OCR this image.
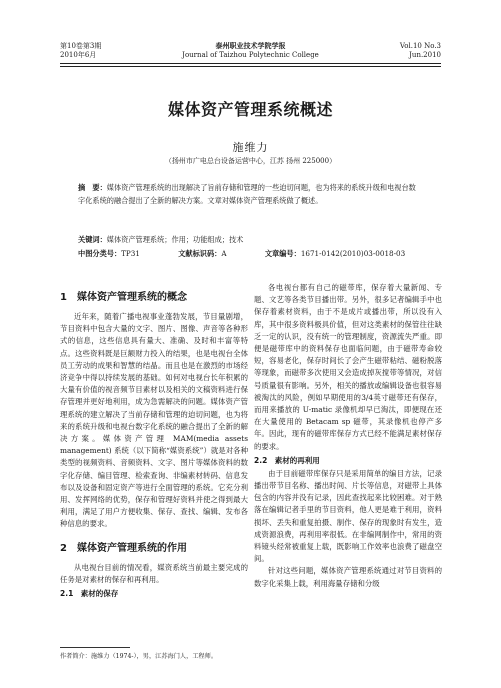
第10卷第3期
2010年6月
泰州职业技术学院学报
Journal of Taizhou Polytechnic College
Vol.10 No.3
Jun.2010
媒体资产管理系统概述
施维力
（扬州市广电总台设备运营中心，江苏 扬州 225000）
摘　要：媒体资产管理系统的出现解决了旨前存储和管理的一些迫切问题，也为将来的系统升级和电视台数字化系统的融合提出了全新的解决方案。文章对媒体资产管理系统做了概述。
关键词：媒体资产管理系统；作用；功能组成；技术
中图分类号：TP31	文献标识码：A	文章编号：1671-0142(2010)03-0018-03
1　媒体资产管理系统的概念

近年来，随着广播电视事业蓬勃发展，节目量剧增，节目资料中包含大量的文字、图片、图像、声音等各种形式的信息，这些信息具有量大、准确、及时和丰富等特点。这些资料既是巨额财力投入的结果，也是电视台全体员工劳动的成果和智慧的结晶。而且也是在激烈的市场经济竞争中得以持续发展的基础。如何对电视台长年积累的大量有价值的视音频节目素材以及相关的文稿资料进行保存管理并更好地利用，成为急需解决的问题。媒体资产管理系统的建立解决了当前存储和管理的迫切问题，也为将来的系统升级和电视台数字化系统的融合提出了全新的解决方案。媒体资产管理 MAM(media assets management) 系统（以下简称“媒资系统”）就是对各种类型的视频资料、音频资料、文字、图片等媒体资料的数字化存储、编目管理、检索查询、非编素材转码、信息发布以及设备和固定资产等进行全面管理的系统。它充分利用、发挥网络的优势，保存和管理好资料并使之得到最大利用，满足了用户方便收集、保存、查找、编辑、发布各种信息的要求。

2　媒体资产管理系统的作用

从电视台目前的情况看，媒资系统当前最主要完成的任务是对素材的保存和再利用。

2.1　素材的保存

各电视台都有自己的磁带库，保存着大量新闻、专题、文艺等各类节目播出带。另外，很多记者编辑手中也保存着素材资料，由于不是成片或播出带，所以没有入库，其中很多资料极具价值，但对这类素材的保管往往缺乏一定的认识，没有统一的管理制度，资源流失严重。即便是磁带库中的资料保存也面临问题，由于磁带寿命较短，容易老化，保存时间长了会产生磁带粘结、磁粉脱落等现象，而磁带多次使用又会造成掉灰搅带等情况，对信号质量很有影响。另外，相关的播放或编辑设备也很容易被淘汰的风险，例如早期使用的3/4英寸磁带还有保存，而用来播放的 U-matic 录像机却早已淘汰，即便现在还在大量使用的 Betacam sp 磁带，其录像机也停产多年。因此，现有的磁带库保存方式已经不能满足素材保存的要求。

2.2　素材的再利用

由于目前磁带库保存只是采用简单的编目方法，记录播出带节目名称、播出时间、片长等信息，对磁带上具体包含的内容并没有记录，因此查找起来比较困难。对于熟落在编辑记者手里的节目资料，他人更是难于利用，资料损坏、丢失和重复拍摄、制作、保存的现象时有发生，造成资源浪费，再利用率很低。在非编网制作中，常用的资料镜头经常被重复上载，既影响工作效率也浪费了磁盘空间。

针对这些问题，媒体资产管理系统通过对节目资料的数字化采集上载，利用海量存储和分级

作者简介：施维力（1974-），男，江苏海门人，工程师。
